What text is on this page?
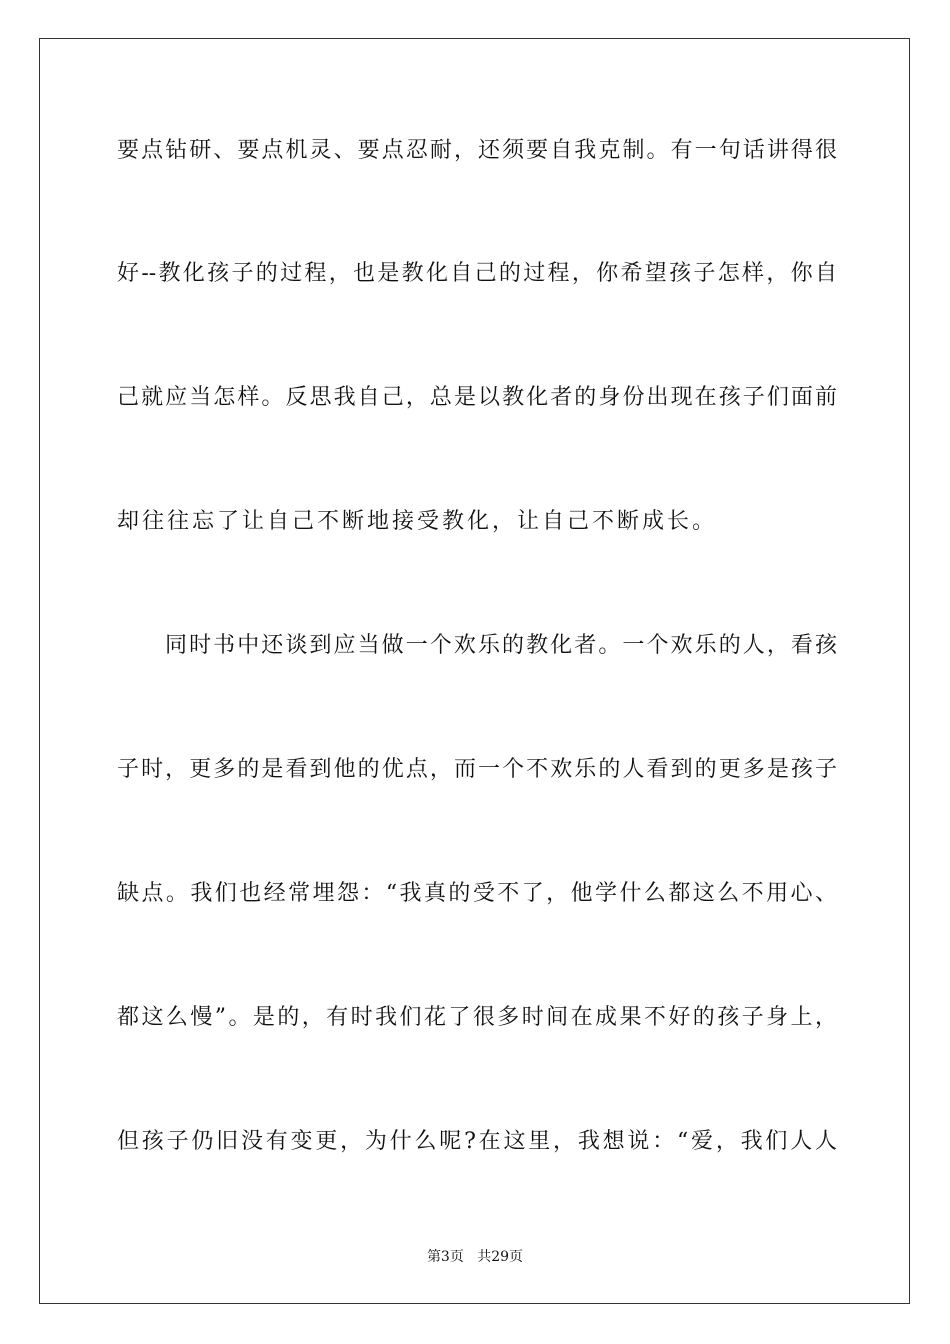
要点钻研、要点机灵、要点忍耐，还须要自我克制。有一句话讲得很
好--教化孩子的过程，也是教化自己的过程，你希望孩子怎样，你自
己就应当怎样。反思我自己，总是以教化者的身份出现在孩子们面前
却往往忘了让自己不断地接受教化，让自己不断成长。
同时书中还谈到应当做一个欢乐的教化者。一个欢乐的人，看孩
子时，更多的是看到他的优点，而一个不欢乐的人看到的更多是孩子
缺点。我们也经常埋怨：“我真的受不了，他学什么都这么不用心、
都这么慢”。是的，有时我们花了很多时间在成果不好的孩子身上，
但孩子仍旧没有变更，为什么呢?在这里，我想说：“爱，我们人人
第3页 共29页
